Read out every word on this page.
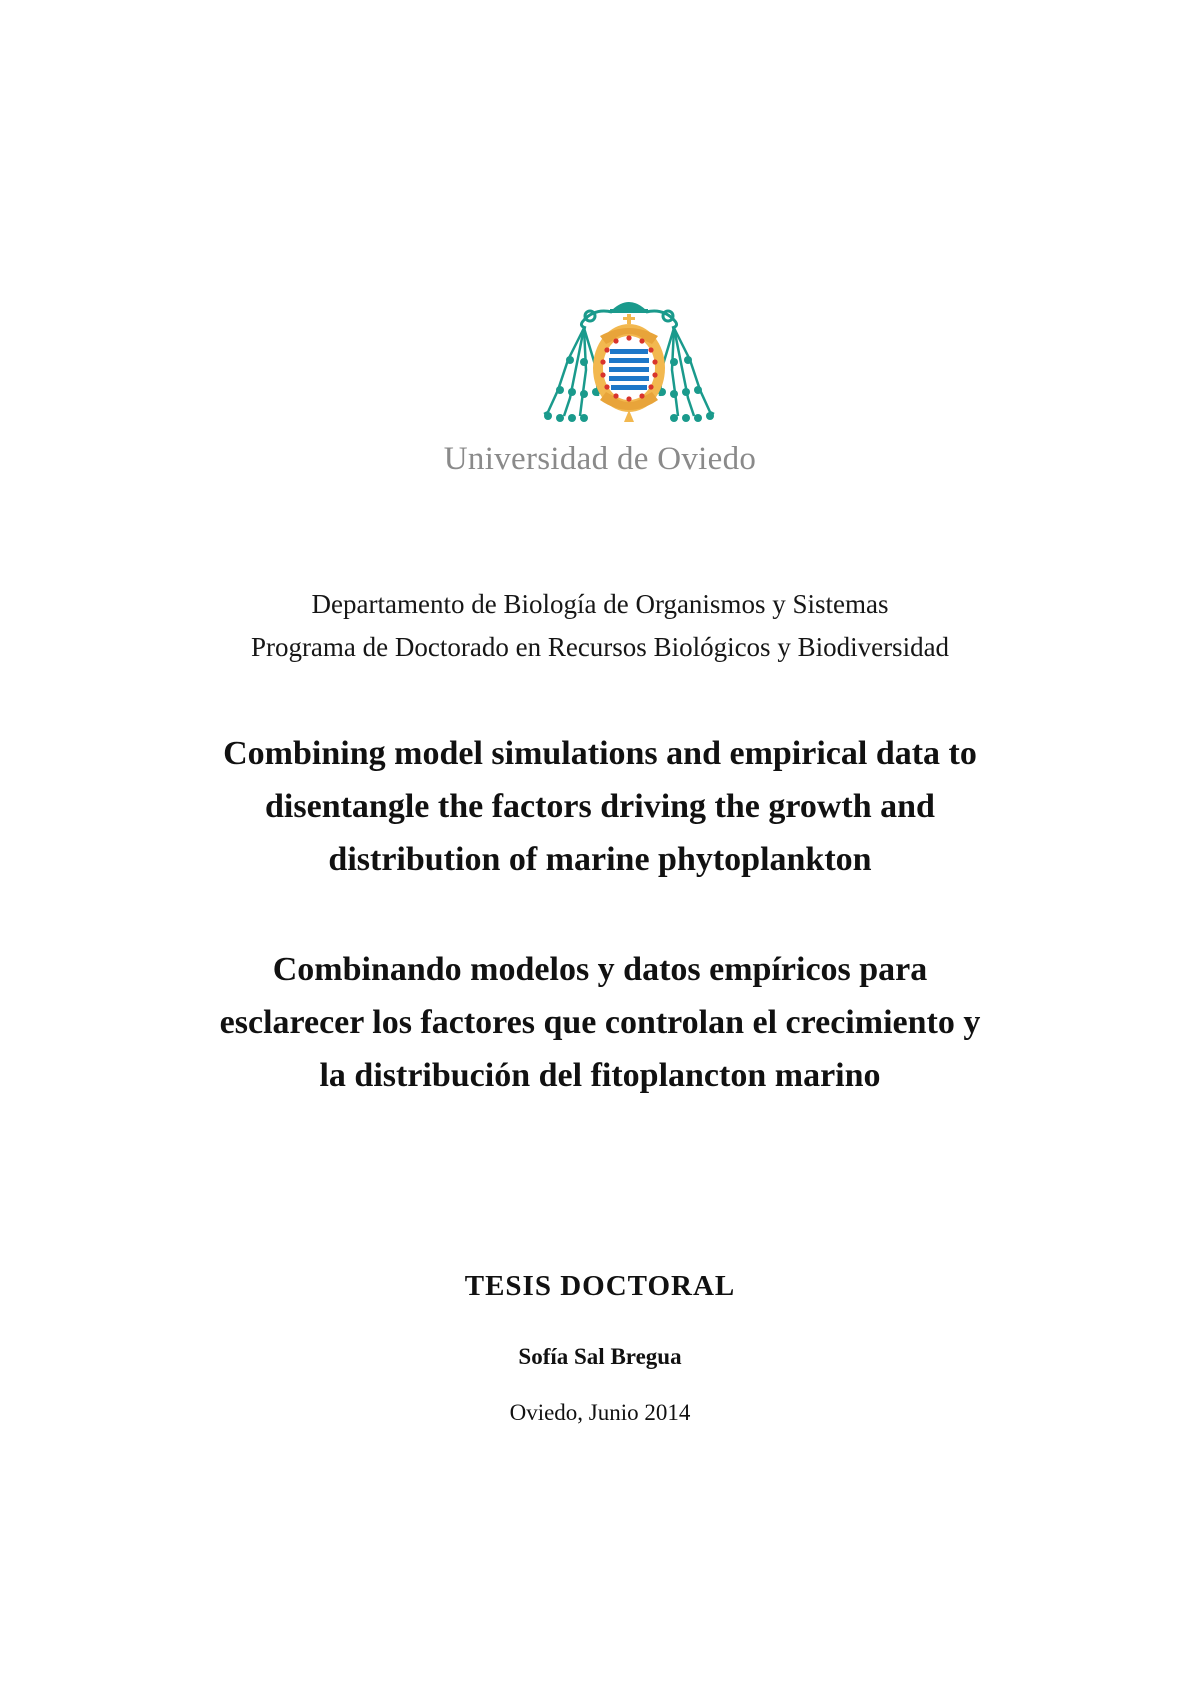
Universidad de Oviedo
Departamento de Biología de Organismos y Sistemas
Programa de Doctorado en Recursos Biológicos y Biodiversidad
Combining model simulations and empirical data to
disentangle the factors driving the growth and
distribution of marine phytoplankton
Combinando modelos y datos empíricos para
esclarecer los factores que controlan el crecimiento y
la distribución del fitoplancton marino
TESIS DOCTORAL
Sofía Sal Bregua
Oviedo, Junio 2014
